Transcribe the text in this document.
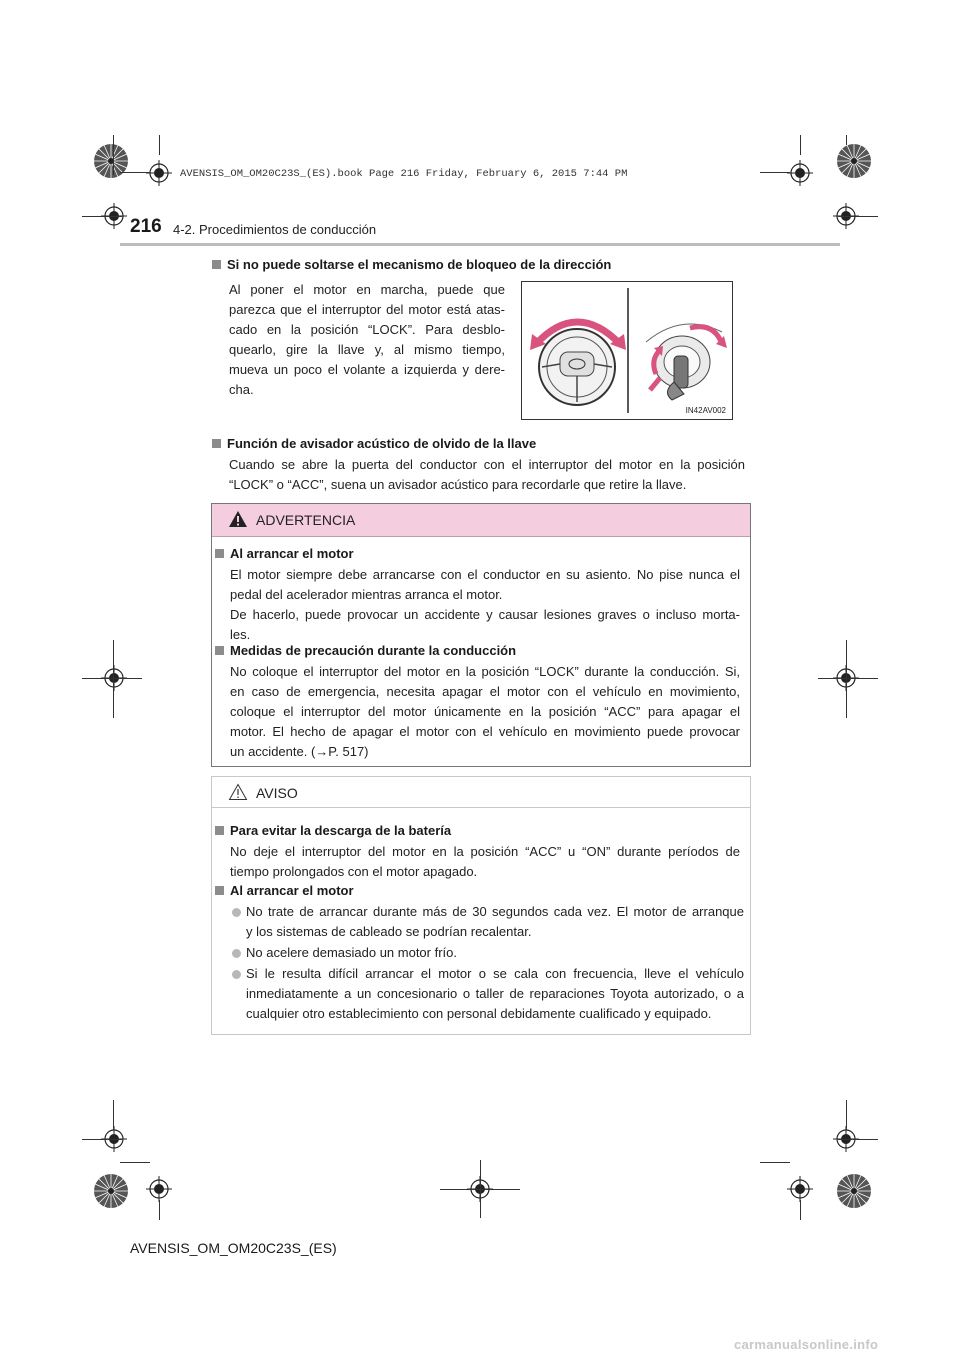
AVENSIS_OM_OM20C23S_(ES).book Page 216 Friday, February 6, 2015 7:44 PM
216 4-2. Procedimientos de conducción
Si no puede soltarse el mecanismo de bloqueo de la dirección
Al poner el motor en marcha, puede que
parezca que el interruptor del motor está atas-
cado en la posición “LOCK”. Para desblo-
quearlo, gire la llave y, al mismo tiempo,
mueva un poco el volante a izquierda y dere-
cha.
IN42AV002
Función de avisador acústico de olvido de la llave
Cuando se abre la puerta del conductor con el interruptor del motor en la posición
“LOCK” o “ACC”, suena un avisador acústico para recordarle que retire la llave.
ADVERTENCIA
Al arrancar el motor
El motor siempre debe arrancarse con el conductor en su asiento. No pise nunca el
pedal del acelerador mientras arranca el motor.
De hacerlo, puede provocar un accidente y causar lesiones graves o incluso morta-
les.
Medidas de precaución durante la conducción
No coloque el interruptor del motor en la posición “LOCK” durante la conducción. Si,
en caso de emergencia, necesita apagar el motor con el vehículo en movimiento,
coloque el interruptor del motor únicamente en la posición “ACC” para apagar el
motor. El hecho de apagar el motor con el vehículo en movimiento puede provocar
un accidente. (→P. 517)
AVISO
Para evitar la descarga de la batería
No deje el interruptor del motor en la posición “ACC” u “ON” durante períodos de
tiempo prolongados con el motor apagado.
Al arrancar el motor
No trate de arrancar durante más de 30 segundos cada vez. El motor de arranque
y los sistemas de cableado se podrían recalentar.
No acelere demasiado un motor frío.
Si le resulta difícil arrancar el motor o se cala con frecuencia, lleve el vehículo
inmediatamente a un concesionario o taller de reparaciones Toyota autorizado, o a
cualquier otro establecimiento con personal debidamente cualificado y equipado.
AVENSIS_OM_OM20C23S_(ES)
carmanualsonline.info
